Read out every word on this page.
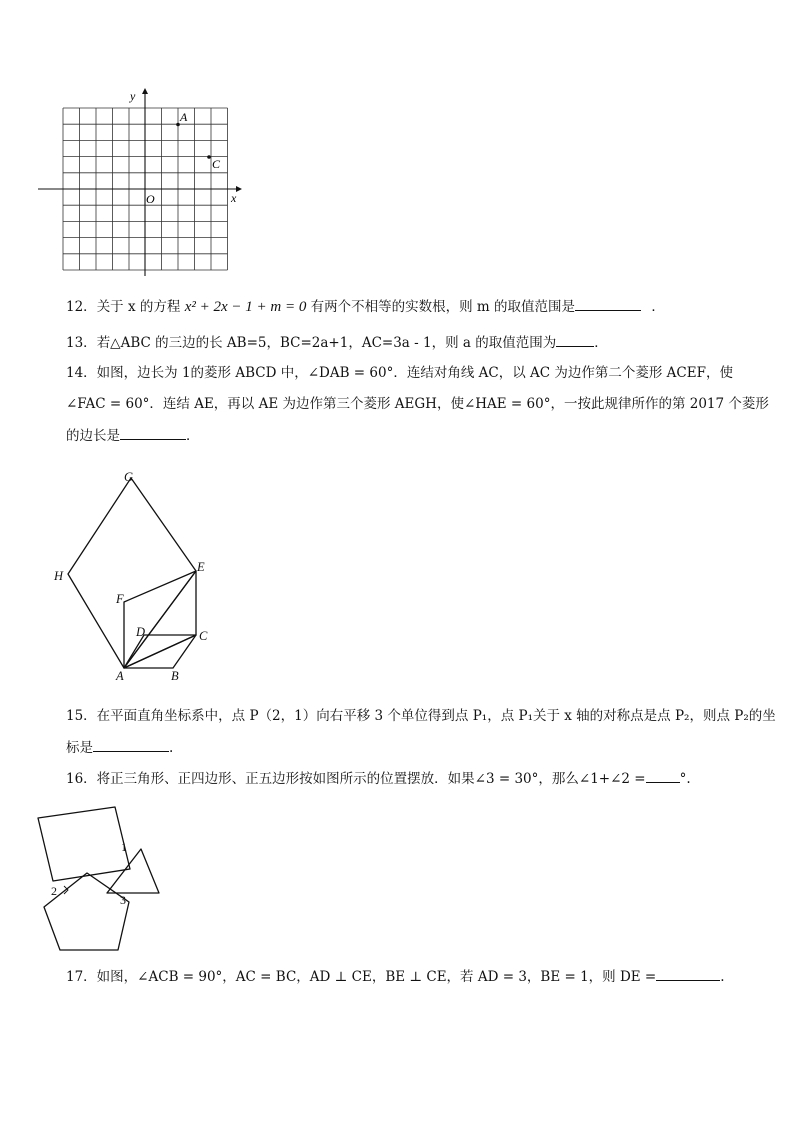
y
x
O
A
C
12．关于 x 的方程 x² + 2x − 1 + m = 0 有两个不相等的实数根，则 m 的取值范围是	．
13．若△ABC 的三边的长 AB=5，BC=2a+1，AC=3a - 1，则 a 的取值范围为	．
14．如图，边长为 1的菱形 ABCD 中，∠DAB = 60°．连结对角线 AC，以 AC 为边作第二个菱形 ACEF，使
∠FAC = 60°．连结 AE，再以 AE 为边作第三个菱形 AEGH，使∠HAE = 60°，一按此规律所作的第 2017 个菱形
的边长是	．
G
H
E
F
D	C
A	B
15．在平面直角坐标系中，点 P（2，1）向右平移 3 个单位得到点 P₁，点 P₁关于 x 轴的对称点是点 P₂，则点 P₂的坐
标是	.
16．将正三角形、正四边形、正五边形按如图所示的位置摆放．如果∠3 = 30°，那么∠1+∠2 =	°.
1
2
3
17．如图，∠ACB = 90°，AC = BC，AD ⊥ CE，BE ⊥ CE，若 AD = 3，BE = 1，则 DE =	.
